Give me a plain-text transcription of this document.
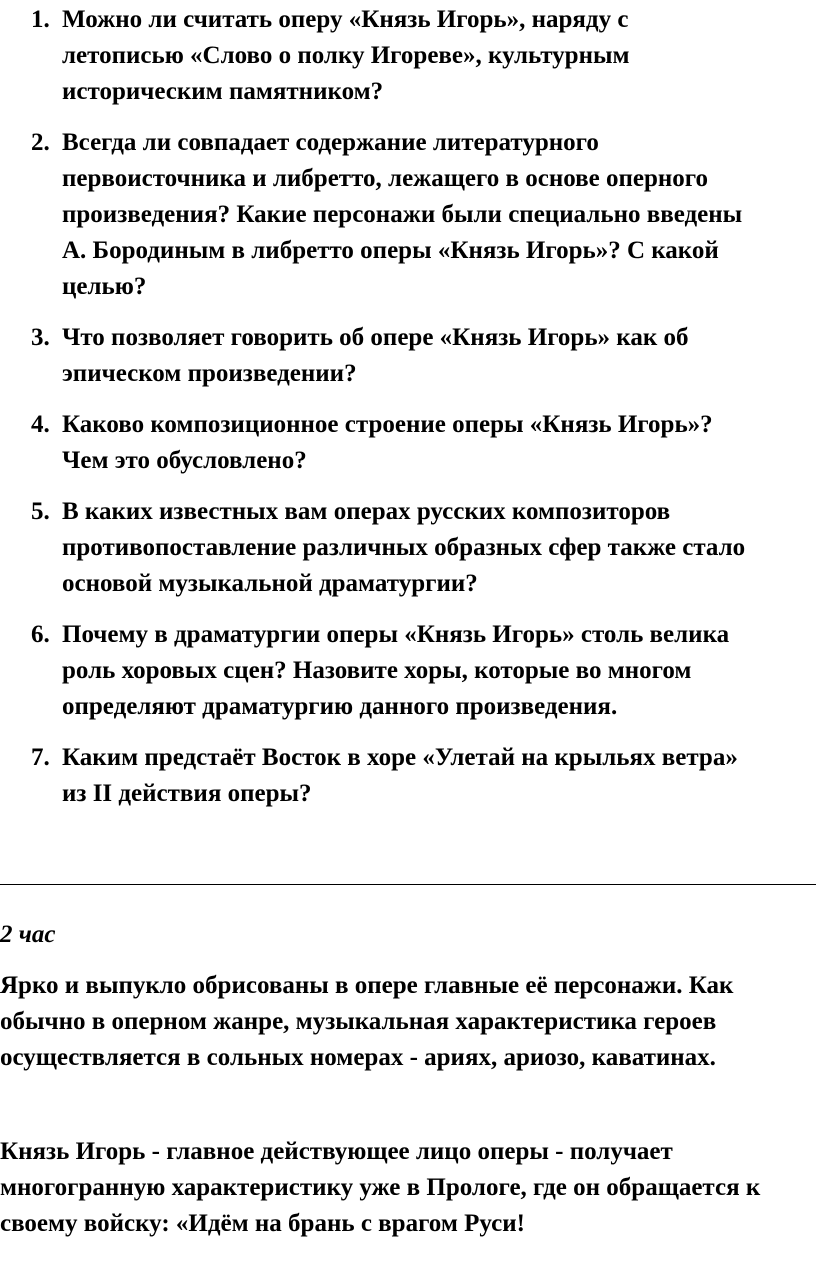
1. Можно ли считать оперу «Князь Игорь», наряду с летописью «Слово о полку Игореве», культурным историческим памятником?
2. Всегда ли совпадает содержание литературного первоисточника и либретто, лежащего в основе оперного произведения? Какие персонажи были специально введены А. Бородиным в либретто оперы «Князь Игорь»? С какой целью?
3. Что позволяет говорить об опере «Князь Игорь» как об эпическом произведении?
4. Каково композиционное строение оперы «Князь Игорь»? Чем это обусловлено?
5. В каких известных вам операх русских композиторов противопоставление различных образных сфер также стало основой музыкальной драматургии?
6. Почему в драматургии оперы «Князь Игорь» столь велика роль хоровых сцен? Назовите хоры, которые во многом определяют драматургию данного произведения.
7. Каким предстаёт Восток в хоре «Улетай на крыльях ветра» из II действия оперы?
2 час

Ярко и выпукло обрисованы в опере главные её персонажи. Как обычно в оперном жанре, музыкальная характеристика героев осуществляется в сольных номерах - ариях, ариозо, каватинах.

Князь Игорь - главное действующее лицо оперы - получает многогранную характеристику уже в Прологе, где он обращается к своему войску: «Идём на брань с врагом Руси!
